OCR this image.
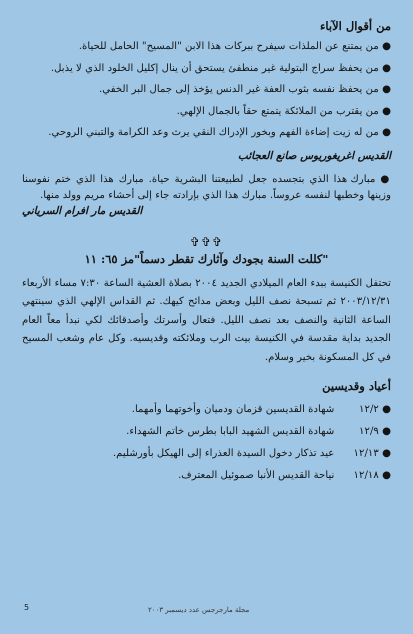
من أقوال الآباء
● من يمتنع عن الملذات سيفرح ببركات هذا الابن "المسيح" الحامل للحياة.
● من يحفظ سراج البتولية غير منطفئ يستحق أن ينال إكليل الخلود الذي لا يذبل.
● من يحفظ نفسه بثوب العفة غير الدنس يؤخذ إلى جمال البر الخفي.
● من يقترب من الملائكة يتمتع حقاً بالجمال الإلهي.
● من له زيت إضاءة الفهم وبخور الإدراك النقي يرث وعد الكرامة والتبني الروحي.
القديس اغريغوريوس صانع العجائب

● مبارك هذا الذي بتجسده جعل لطبيعتنا البشرية حياة. مبارك هذا الذي ختم نفوسنا وزينها وخطبها لنفسه عروساً. مبارك هذا الذي بإرادته جاء إلى أحشاء مريم وولد منها.

القديس مار افرام السرياني
✞✞✞
"كللت السنة بجودك وآثارك تقطر دسماً"مز ٦٥: ١١

تحتفل الكنيسة ببدء العام الميلادي الجديد ٢٠٠٤ بصلاة العشية الساعة ٧:٣٠ مساء الأربعاء ٢٠٠٣/١٢/٣١ ثم تسبحة نصف الليل وبعض مدائح كيهك. ثم القداس الإلهي الذي سينتهي الساعة الثانية والنصف بعد نصف الليل. فتعال وأسرتك وأصدقائك لكي نبدأ معاً العام الجديد بداية مقدسة في الكنيسة بيت الرب وملائكته وقديسيه. وكل عام وشعب المسيح في كل المسكونة بخير وسلام.

أعياد وقديسين
● ١٢/٢  شهادة القديسين قزمان ودميان وأخوتهما وأمهما.
● ١٢/٩  شهادة القديس الشهيد البابا بطرس خاتم الشهداء.
● ١٢/١٣  عيد تذكار دخول السيدة العذراء إلى الهيكل بأورشليم.
● ١٢/١٨  نياحة القديس الأنبا صموئيل المعترف.
مجلة مارجرجس عدد ديسمبر ٢٠٠٣
5
